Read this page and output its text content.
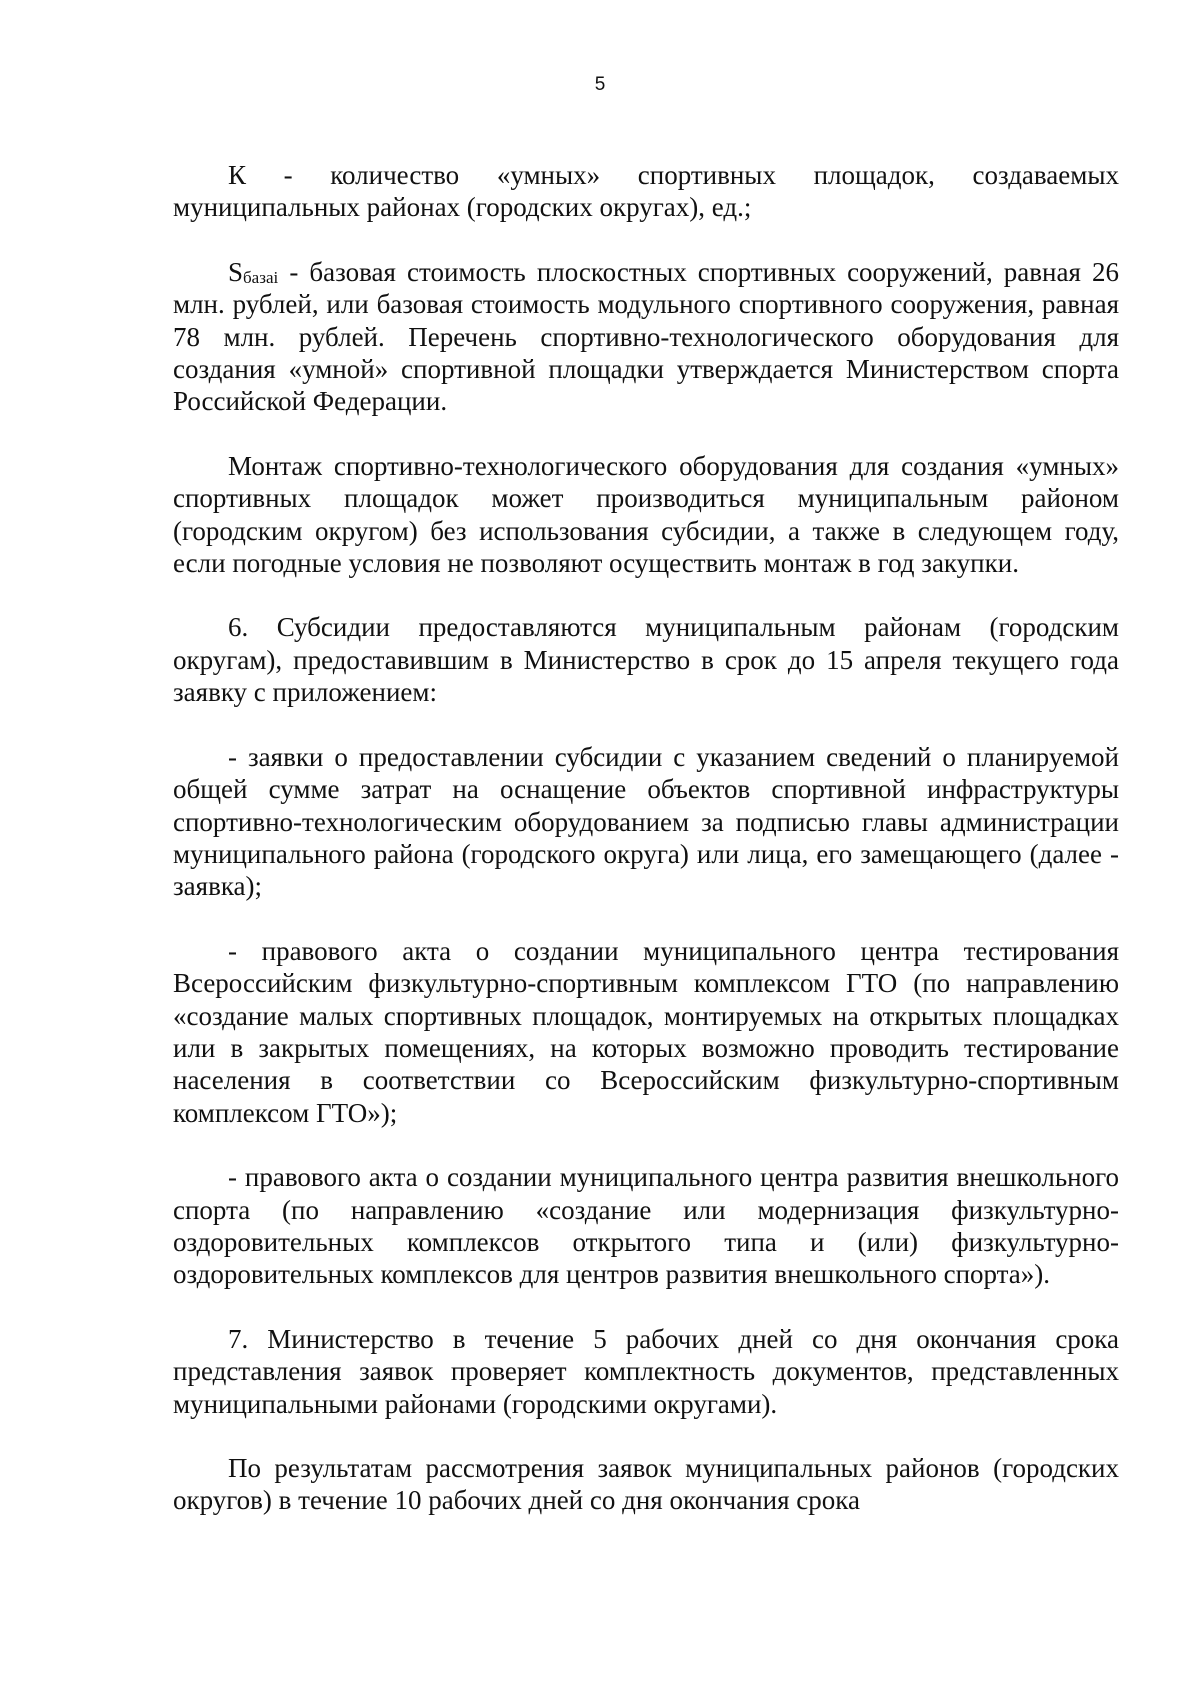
5

К - количество «умных» спортивных площадок, создаваемых муниципальных районах (городских округах), ед.;

$S_{базаi}$ - базовая стоимость плоскостных спортивных сооружений, равная 26 млн. рублей, или базовая стоимость модульного спортивного сооружения, равная 78 млн. рублей. Перечень спортивно-технологического оборудования для создания «умной» спортивной площадки утверждается Министерством спорта Российской Федерации.

Монтаж спортивно-технологического оборудования для создания «умных» спортивных площадок может производиться муниципальным районом (городским округом) без использования субсидии, а также в следующем году, если погодные условия не позволяют осуществить монтаж в год закупки.

6. Субсидии предоставляются муниципальным районам (городским округам), предоставившим в Министерство в срок до 15 апреля текущего года заявку с приложением:

- заявки о предоставлении субсидии с указанием сведений о планируемой общей сумме затрат на оснащение объектов спортивной инфраструктуры спортивно-технологическим оборудованием за подписью главы администрации муниципального района (городского округа) или лица, его замещающего (далее - заявка);

- правового акта о создании муниципального центра тестирования Всероссийским физкультурно-спортивным комплексом ГТО (по направлению «создание малых спортивных площадок, монтируемых на открытых площадках или в закрытых помещениях, на которых возможно проводить тестирование населения в соответствии со Всероссийским физкультурно-спортивным комплексом ГТО»);

- правового акта о создании муниципального центра развития внешкольного спорта (по направлению «создание или модернизация физкультурно-оздоровительных комплексов открытого типа и (или) физкультурно-оздоровительных комплексов для центров развития внешкольного спорта»).

7. Министерство в течение 5 рабочих дней со дня окончания срока представления заявок проверяет комплектность документов, представленных муниципальными районами (городскими округами).

По результатам рассмотрения заявок муниципальных районов (городских округов) в течение 10 рабочих дней со дня окончания срока
